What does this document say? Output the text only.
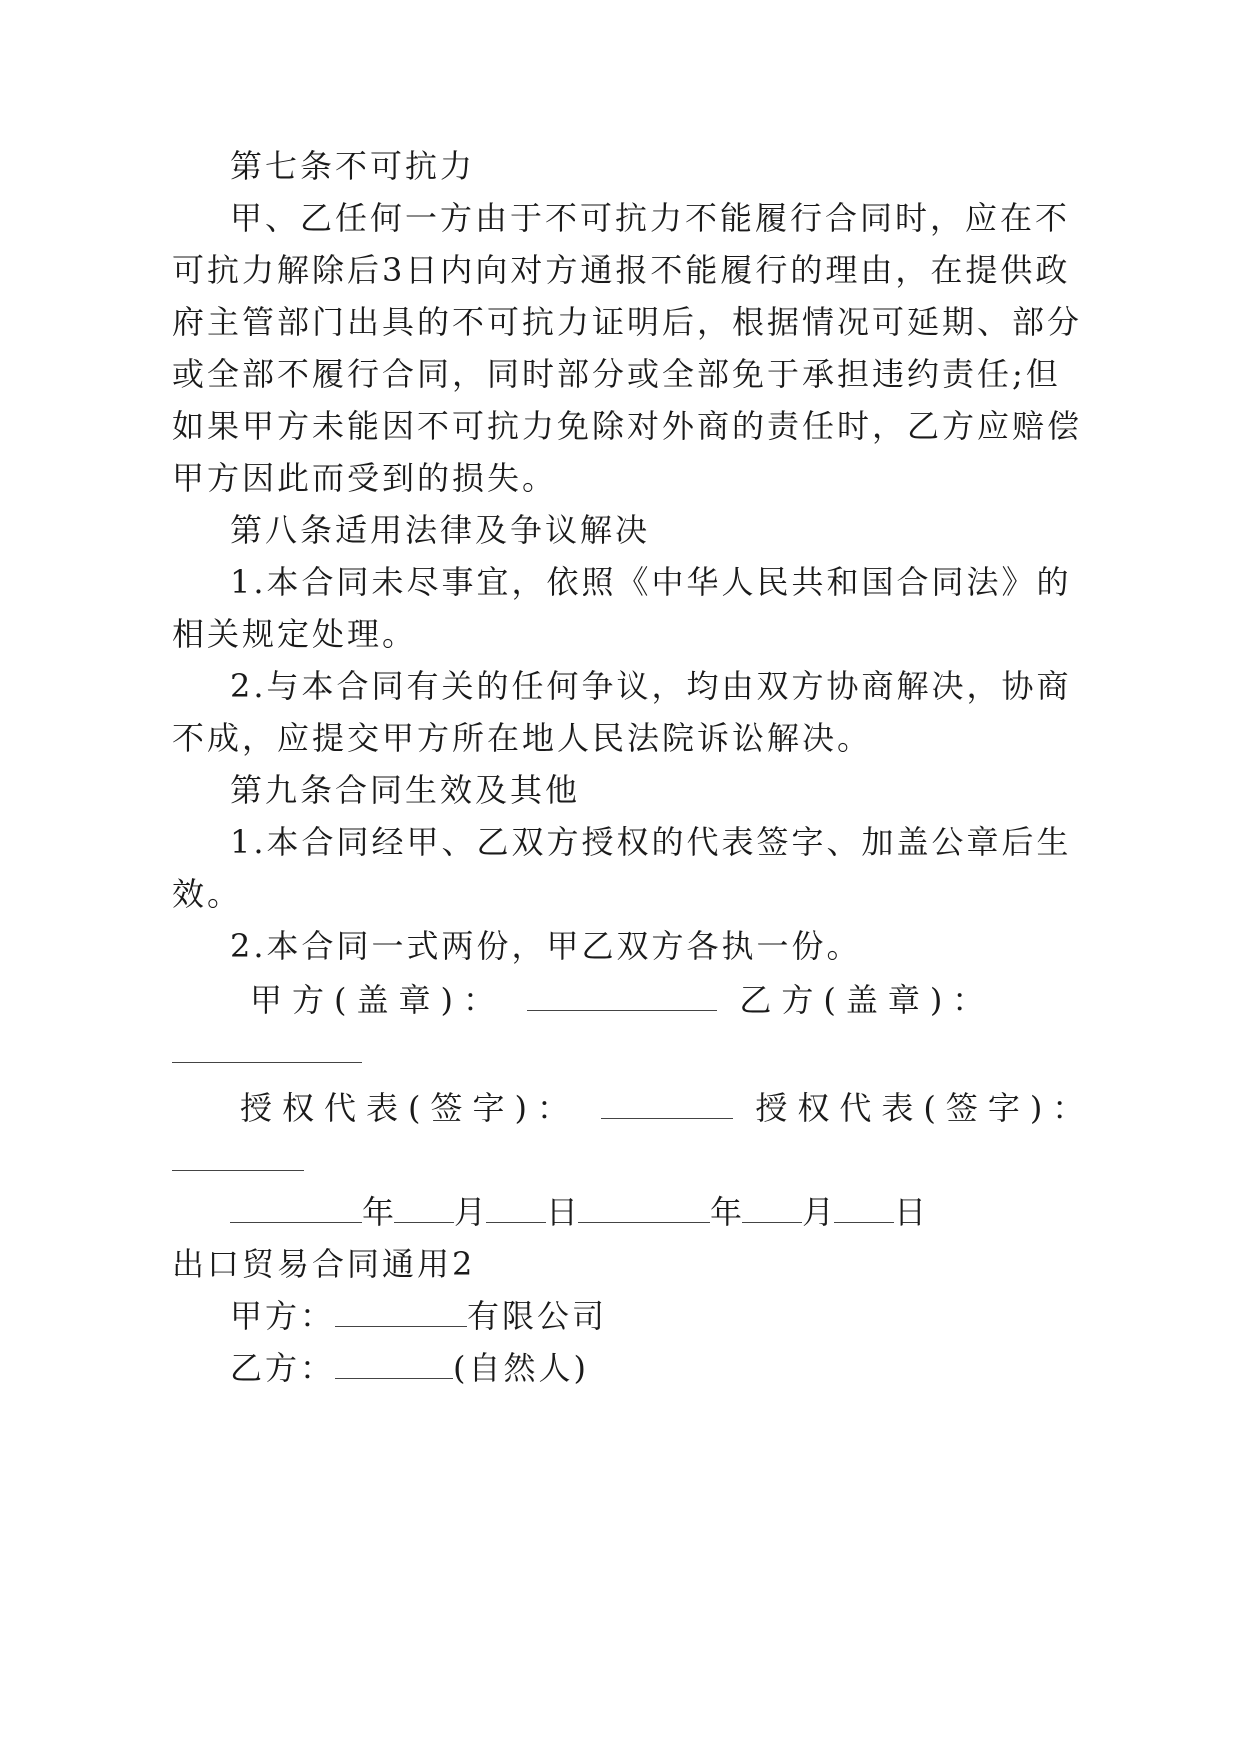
第七条不可抗力
甲、乙任何一方由于不可抗力不能履行合同时，应在不
可抗力解除后3日内向对方通报不能履行的理由，在提供政
府主管部门出具的不可抗力证明后，根据情况可延期、部分
或全部不履行合同，同时部分或全部免于承担违约责任;但
如果甲方未能因不可抗力免除对外商的责任时，乙方应赔偿
甲方因此而受到的损失。
第八条适用法律及争议解决
1.本合同未尽事宜，依照《中华人民共和国合同法》的
相关规定处理。
2.与本合同有关的任何争议，均由双方协商解决，协商
不成，应提交甲方所在地人民法院诉讼解决。
第九条合同生效及其他
1.本合同经甲、乙双方授权的代表签字、加盖公章后生
效。
2.本合同一式两份，甲乙双方各执一份。
甲方(盖章)：	乙方(盖章)：
授权代表(签字)：	授权代表(签字)：
年 月 日	年 月 日
出口贸易合同通用2
甲方：	有限公司
乙方：	(自然人)
